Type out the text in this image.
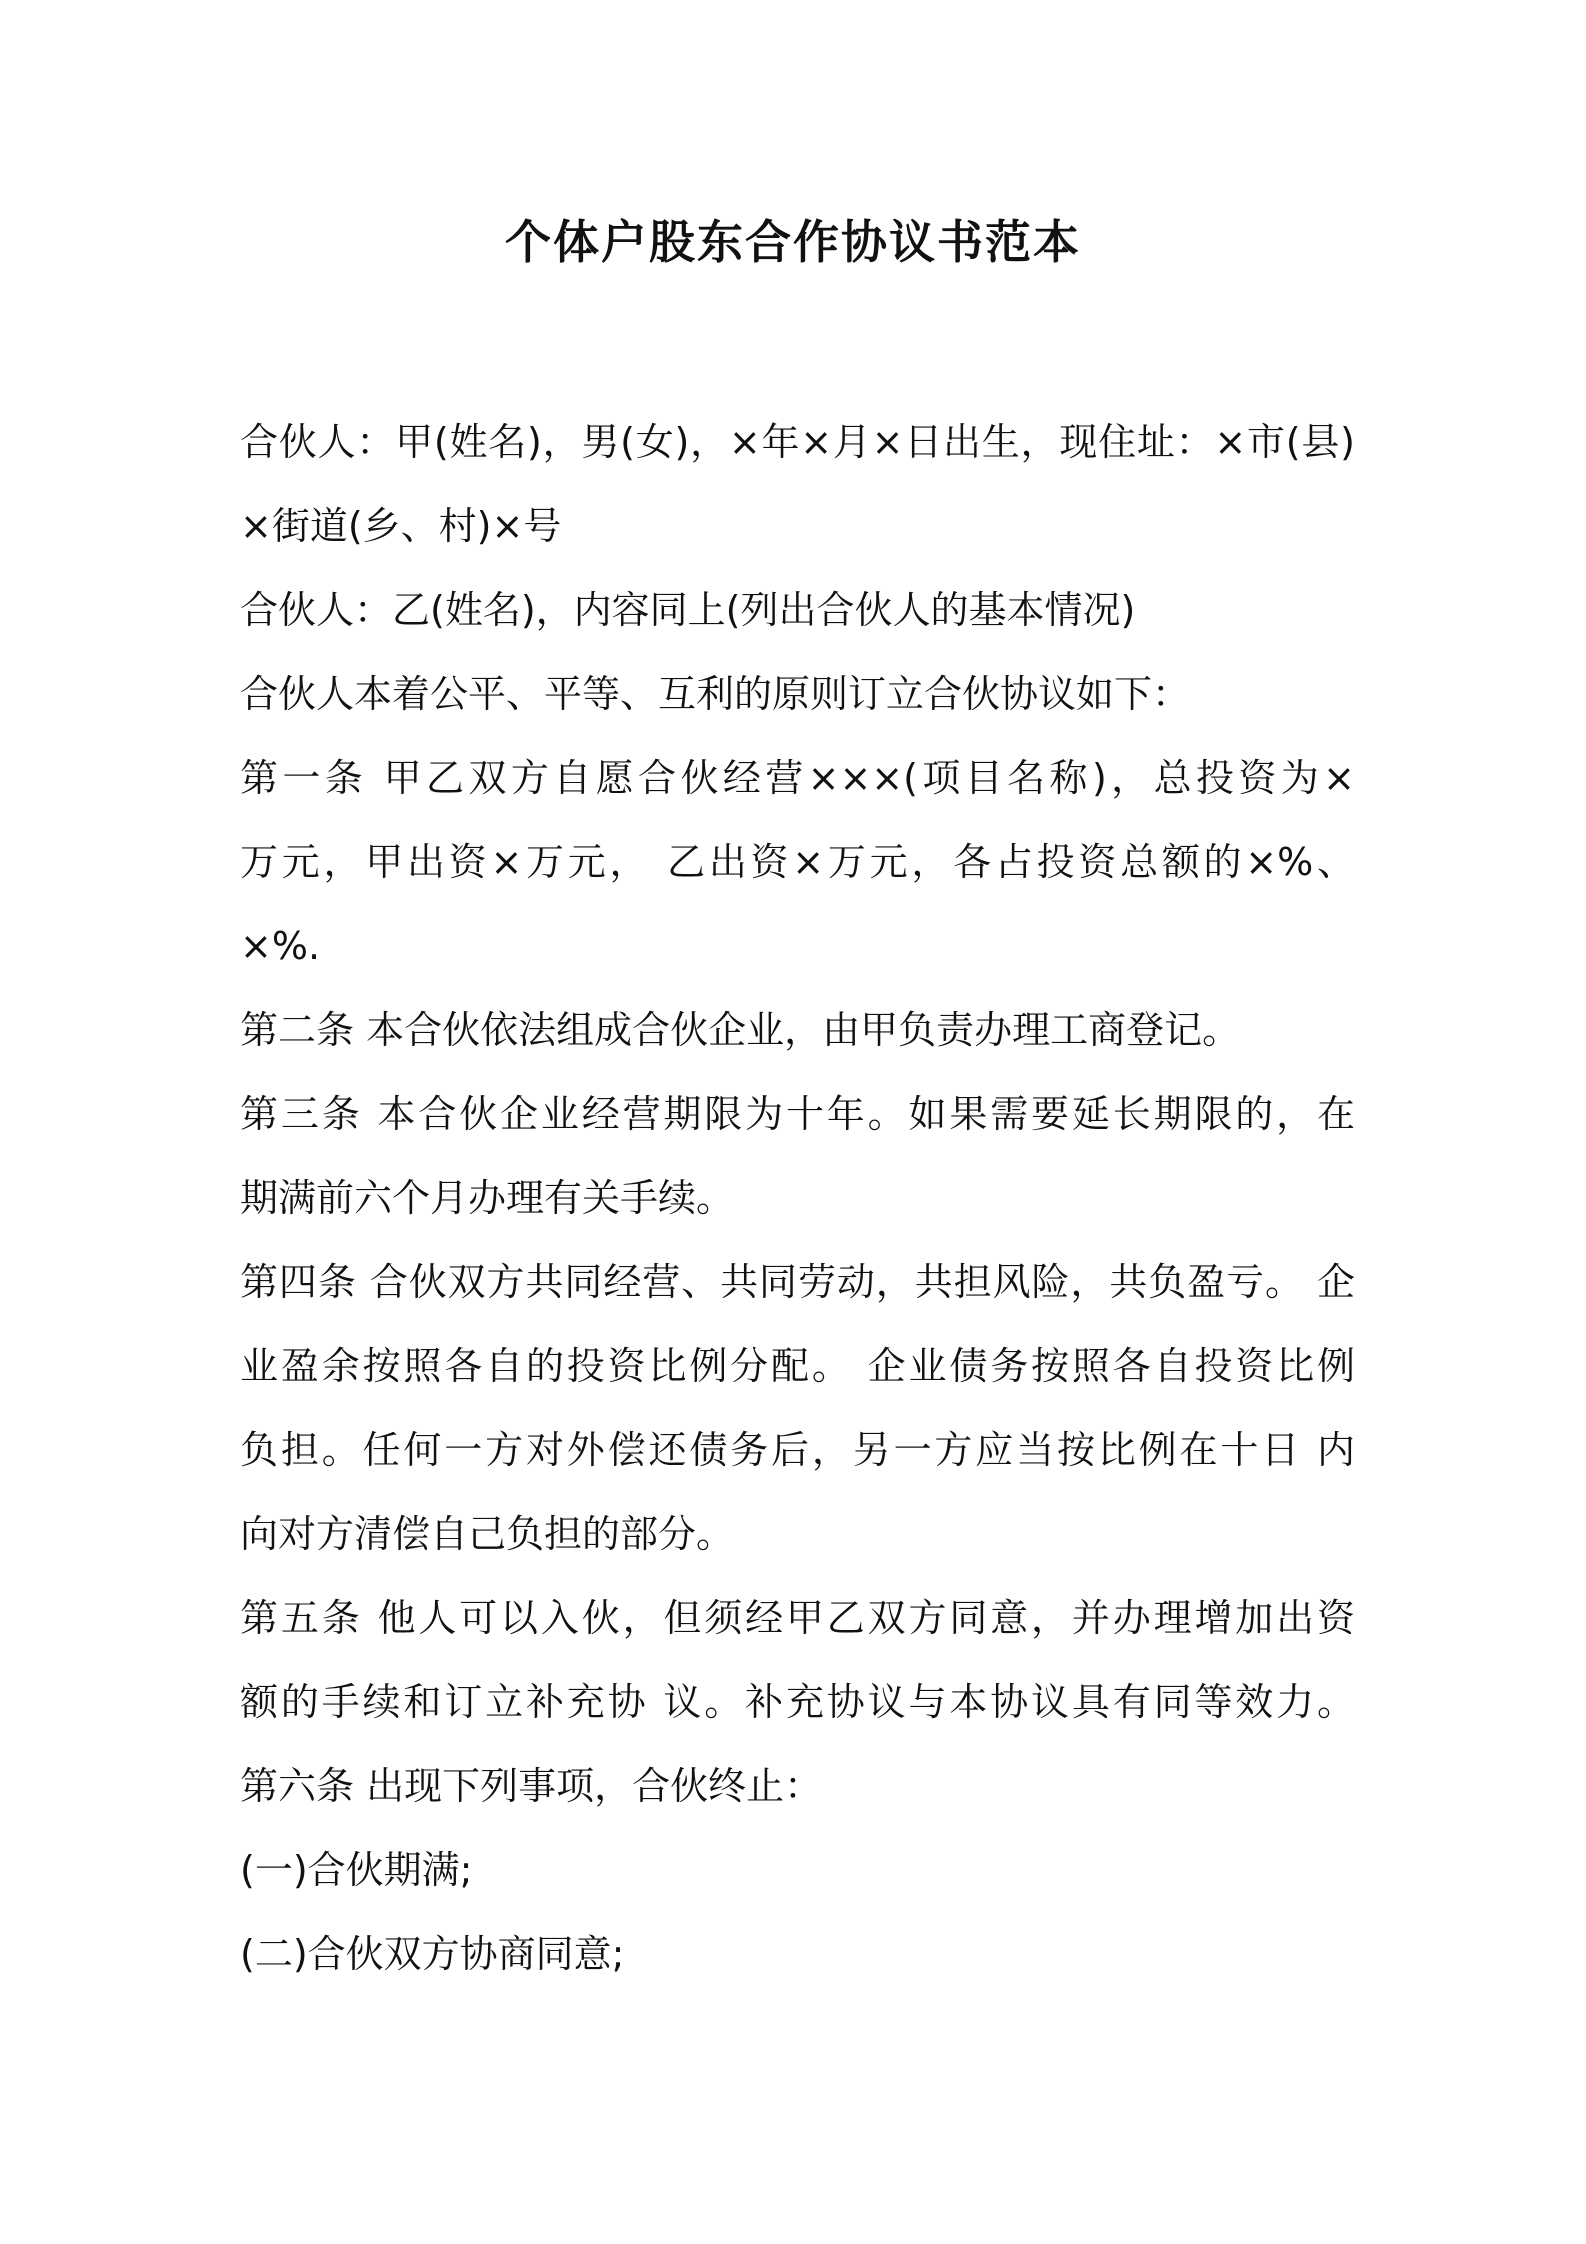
个体户股东合作协议书范本

合伙人：甲(姓名)，男(女)，×年×月×日出生，现住址：×市(县)

×街道(乡、村)×号

合伙人：乙(姓名)，内容同上(列出合伙人的基本情况)

合伙人本着公平、平等、互利的原则订立合伙协议如下：

第一条 甲乙双方自愿合伙经营×××(项目名称)，总投资为×

万元，甲出资×万元， 乙出资×万元，各占投资总额的×%、

×%.

第二条 本合伙依法组成合伙企业，由甲负责办理工商登记。

第三条 本合伙企业经营期限为十年。如果需要延长期限的，在

期满前六个月办理有关手续。

第四条 合伙双方共同经营、共同劳动，共担风险，共负盈亏。 企

业盈余按照各自的投资比例分配。 企业债务按照各自投资比例

负担。任何一方对外偿还债务后，另一方应当按比例在十日 内

向对方清偿自己负担的部分。

第五条 他人可以入伙，但须经甲乙双方同意，并办理增加出资

额的手续和订立补充协 议。补充协议与本协议具有同等效力。

第六条 出现下列事项，合伙终止：

(一)合伙期满;

(二)合伙双方协商同意;
